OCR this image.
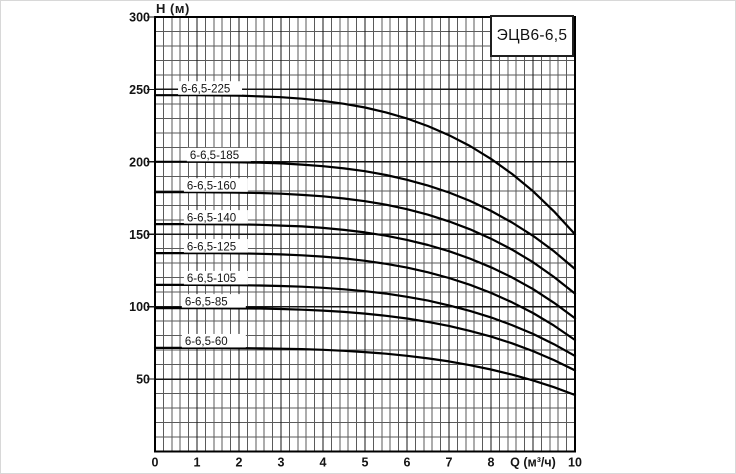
50
100
150
200
250
300
0	1	2	3	4	5	6	7	8	10
Q (м³/ч)
6-6,5-225
6-6,5-185
6-6,5-160
6-6,5-140
6-6,5-125
6-6,5-105
6-6,5-85
6-6,5-60
H (м)
ЭЦВ6-6,5
